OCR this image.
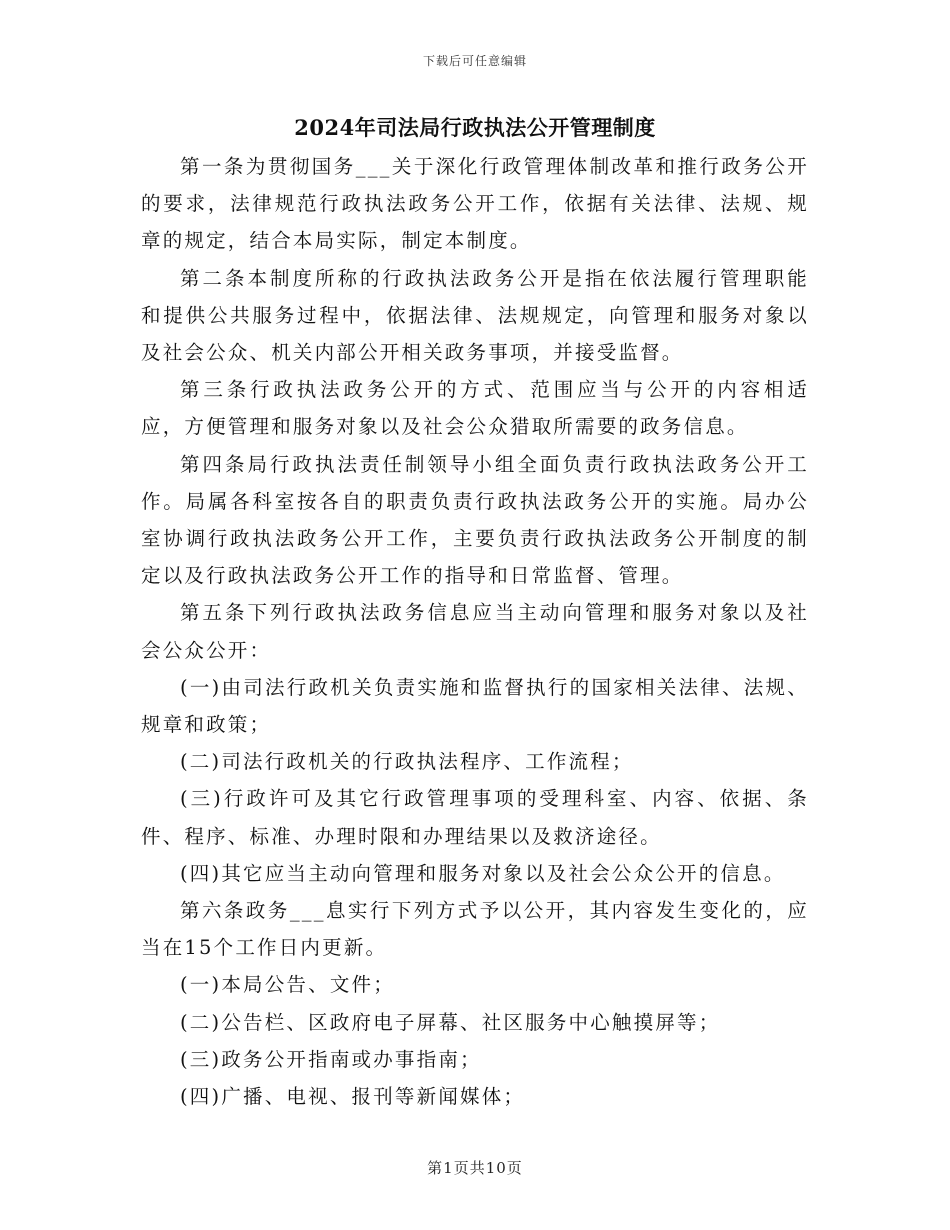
下载后可任意编辑
2024年司法局行政执法公开管理制度

第一条为贯彻国务___关于深化行政管理体制改革和推行政务公开的要求，法律规范行政执法政务公开工作，依据有关法律、法规、规章的规定，结合本局实际，制定本制度。

第二条本制度所称的行政执法政务公开是指在依法履行管理职能和提供公共服务过程中，依据法律、法规规定，向管理和服务对象以及社会公众、机关内部公开相关政务事项，并接受监督。

第三条行政执法政务公开的方式、范围应当与公开的内容相适应，方便管理和服务对象以及社会公众猎取所需要的政务信息。

第四条局行政执法责任制领导小组全面负责行政执法政务公开工作。局属各科室按各自的职责负责行政执法政务公开的实施。局办公室协调行政执法政务公开工作，主要负责行政执法政务公开制度的制定以及行政执法政务公开工作的指导和日常监督、管理。

第五条下列行政执法政务信息应当主动向管理和服务对象以及社会公众公开：

(一)由司法行政机关负责实施和监督执行的国家相关法律、法规、规章和政策；

(二)司法行政机关的行政执法程序、工作流程；

(三)行政许可及其它行政管理事项的受理科室、内容、依据、条件、程序、标准、办理时限和办理结果以及救济途径。

(四)其它应当主动向管理和服务对象以及社会公众公开的信息。

第六条政务___息实行下列方式予以公开，其内容发生变化的，应当在15个工作日内更新。

(一)本局公告、文件；

(二)公告栏、区政府电子屏幕、社区服务中心触摸屏等；

(三)政务公开指南或办事指南；

(四)广播、电视、报刊等新闻媒体；

第1页共10页
